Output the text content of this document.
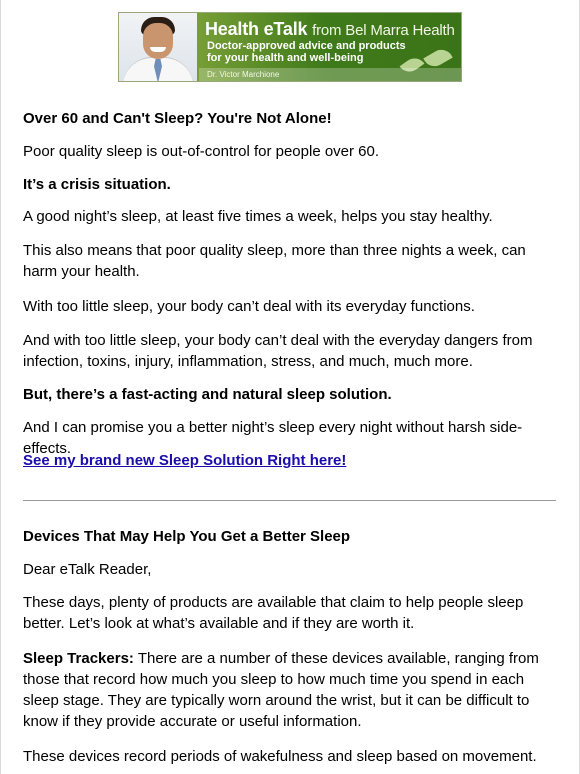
Health eTalk from Bel Marra Health
Doctor-approved advice and products for your health and well-being
Dr. Victor Marchione

Over 60 and Can't Sleep? You're Not Alone!

Poor quality sleep is out-of-control for people over 60.

It’s a crisis situation.

A good night’s sleep, at least five times a week, helps you stay healthy.

This also means that poor quality sleep, more than three nights a week, can harm your health.

With too little sleep, your body can’t deal with its everyday functions.

And with too little sleep, your body can’t deal with the everyday dangers from infection, toxins, injury, inflammation, stress, and much, much more.

But, there’s a fast-acting and natural sleep solution.

And I can promise you a better night’s sleep every night without harsh side-effects.

See my brand new Sleep Solution Right here!

Devices That May Help You Get a Better Sleep

Dear eTalk Reader,

These days, plenty of products are available that claim to help people sleep better. Let’s look at what’s available and if they are worth it.

Sleep Trackers: There are a number of these devices available, ranging from those that record how much you sleep to how much time you spend in each sleep stage. They are typically worn around the wrist, but it can be difficult to know if they provide accurate or useful information.

These devices record periods of wakefulness and sleep based on movement.
